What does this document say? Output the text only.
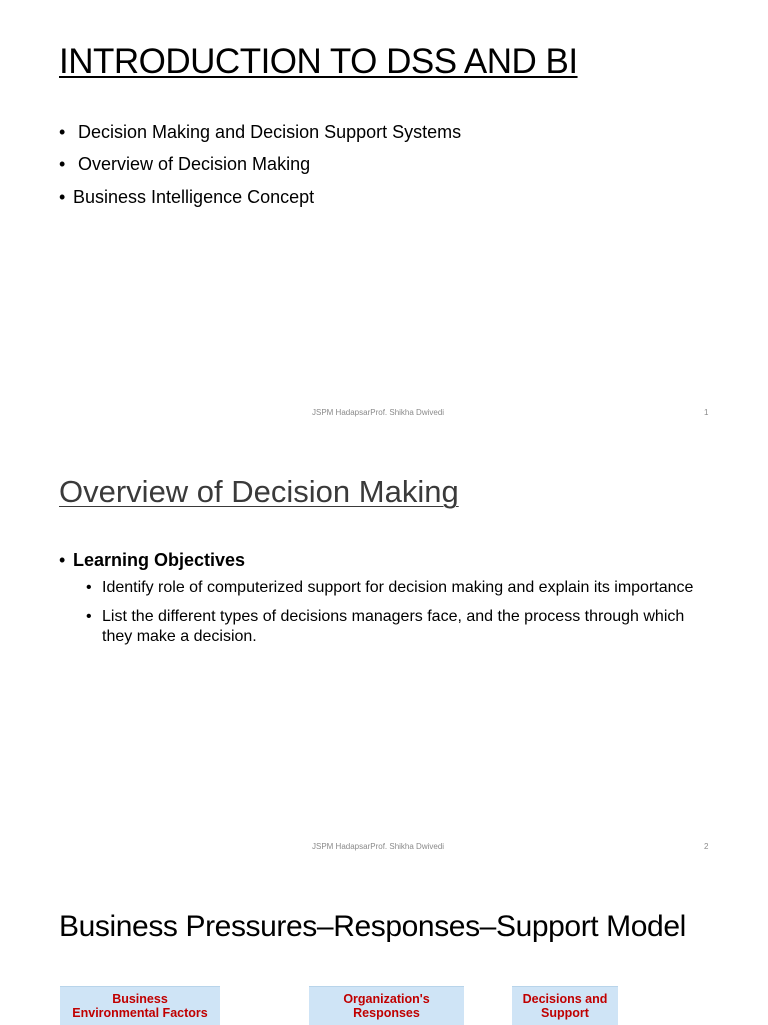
INTRODUCTION TO DSS AND BI
• Decision Making and Decision Support Systems
• Overview of Decision Making
• Business Intelligence Concept
JSPM HadapsarProf. Shikha Dwivedi	1
Overview of Decision Making
• Learning Objectives
• Identify role of computerized support for decision making and explain its importance
• List the different types of decisions managers face, and the process through which they make a decision.
JSPM HadapsarProf. Shikha Dwivedi	2
Business Pressures–Responses–Support Model
Business
Environmental Factors
Organization's
Responses
Decisions and
Support
